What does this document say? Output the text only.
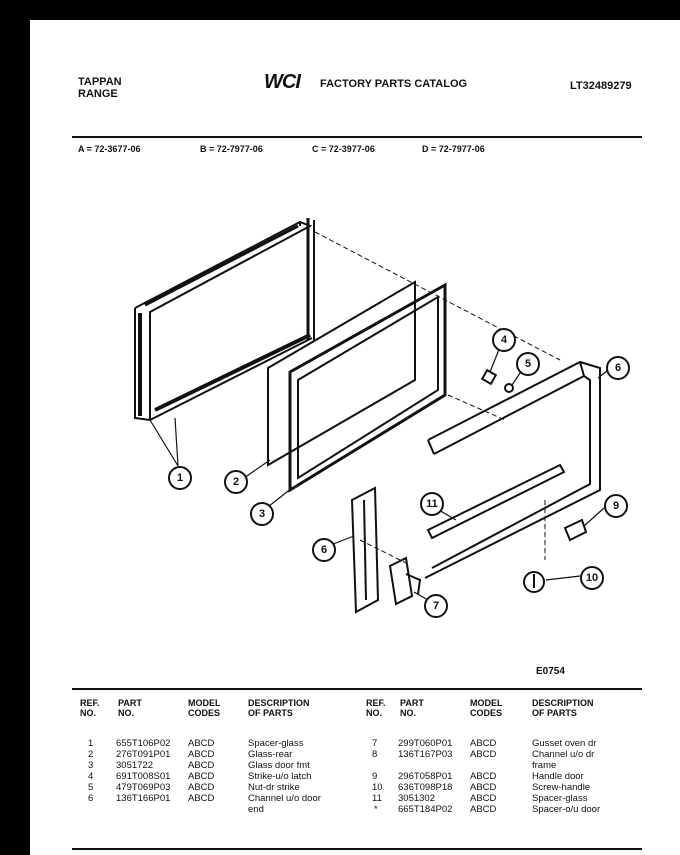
TAPPAN
RANGE
WCI FACTORY PARTS CATALOG	LT32489279
A = 72-3677-06	B = 72-7977-06	C = 72-3977-06	D = 72-7977-06
1	2
3
4
5	6
6
7
9
10
11
E0754
REF.
NO.
PART
NO.
MODEL
CODES
DESCRIPTION
OF PARTS
REF.
NO.
PART
NO.
MODEL
CODES
DESCRIPTION
OF PARTS
1 655T106P02 ABCD	Spacer-glass
2 276T091P01 ABCD	Glass-rear
3 3051722	ABCD	Glass door fmt
4 691T008S01 ABCD	Strike-u/o latch
5 479T069P03 ABCD	Nut-dr strike
6 136T166P01 ABCD	Channel u/o door
end
7 299T060P01 ABCD	Gusset oven dr
8 136T167P03 ABCD	Channel u/o dr
frame
9 296T058P01 ABCD	Handle door
10 636T098P18 ABCD	Screw-handle
11 3051302	ABCD	Spacer-glass
* 665T184P02 ABCD	Spacer-o/u door
